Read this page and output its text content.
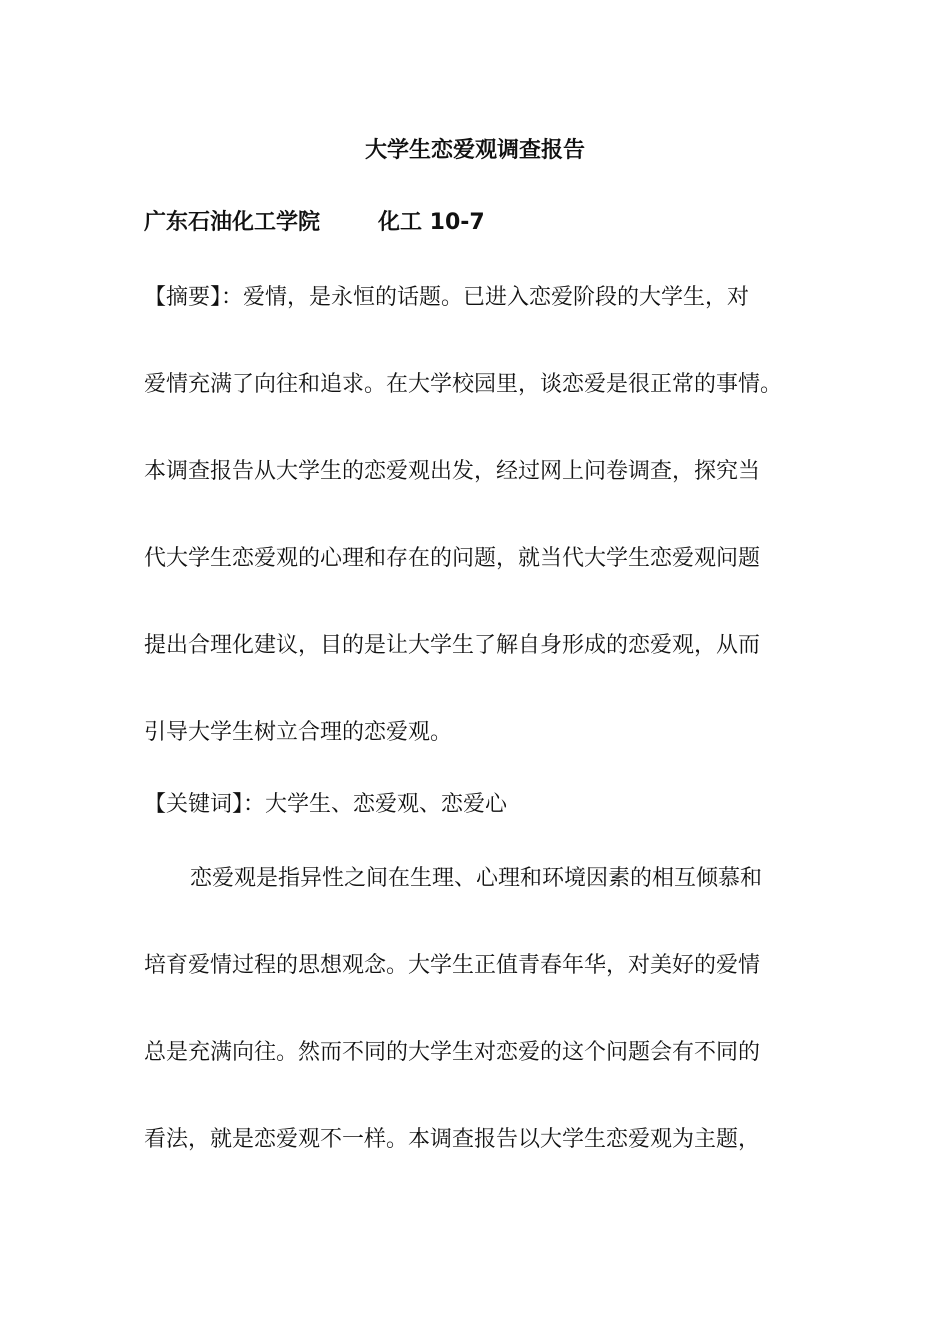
大学生恋爱观调查报告
广东石油化工学院	化工 10-7
【摘要】：爱情，是永恒的话题。已进入恋爱阶段的大学生，对
爱情充满了向往和追求。在大学校园里，谈恋爱是很正常的事情。
本调查报告从大学生的恋爱观出发，经过网上问卷调查，探究当
代大学生恋爱观的心理和存在的问题，就当代大学生恋爱观问题
提出合理化建议，目的是让大学生了解自身形成的恋爱观，从而
引导大学生树立合理的恋爱观。
【关键词】：大学生、恋爱观、恋爱心
恋爱观是指异性之间在生理、心理和环境因素的相互倾慕和
培育爱情过程的思想观念。大学生正值青春年华，对美好的爱情
总是充满向往。然而不同的大学生对恋爱的这个问题会有不同的
看法，就是恋爱观不一样。本调查报告以大学生恋爱观为主题，
